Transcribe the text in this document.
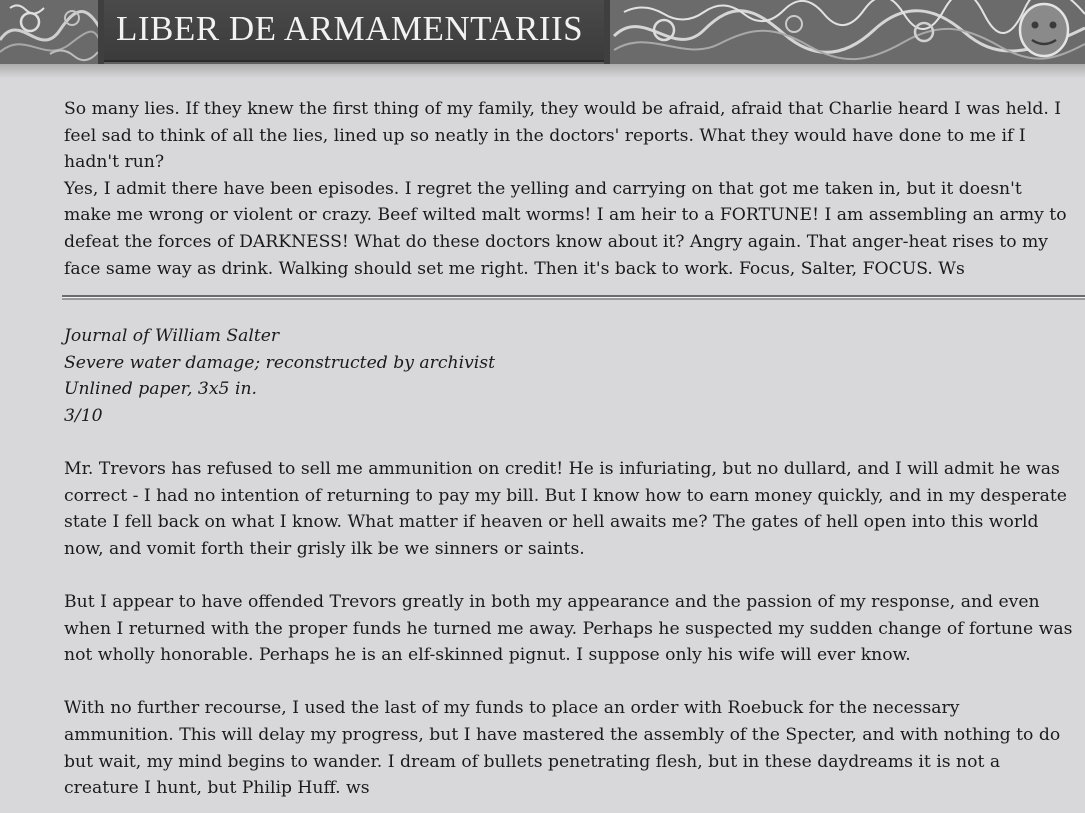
LIBER DE ARMAMENTARIIS

So many lies. If they knew the first thing of my family, they would be afraid, afraid that Charlie heard I was held. I feel sad to think of all the lies, lined up so neatly in the doctors' reports. What they would have done to me if I hadn't run?

Yes, I admit there have been episodes. I regret the yelling and carrying on that got me taken in, but it doesn't make me wrong or violent or crazy. Beef wilted malt worms! I am heir to a FORTUNE! I am assembling an army to defeat the forces of DARKNESS! What do these doctors know about it? Angry again. That anger-heat rises to my face same way as drink. Walking should set me right. Then it's back to work. Focus, Salter, FOCUS. Ws

Journal of William Salter
Severe water damage; reconstructed by archivist
Unlined paper, 3x5 in.
3/10

Mr. Trevors has refused to sell me ammunition on credit! He is infuriating, but no dullard, and I will admit he was correct - I had no intention of returning to pay my bill. But I know how to earn money quickly, and in my desperate state I fell back on what I know. What matter if heaven or hell awaits me? The gates of hell open into this world now, and vomit forth their grisly ilk be we sinners or saints.

But I appear to have offended Trevors greatly in both my appearance and the passion of my response, and even when I returned with the proper funds he turned me away. Perhaps he suspected my sudden change of fortune was not wholly honorable. Perhaps he is an elf-skinned pignut. I suppose only his wife will ever know.

With no further recourse, I used the last of my funds to place an order with Roebuck for the necessary ammunition. This will delay my progress, but I have mastered the assembly of the Specter, and with nothing to do but wait, my mind begins to wander. I dream of bullets penetrating flesh, but in these daydreams it is not a creature I hunt, but Philip Huff. ws
